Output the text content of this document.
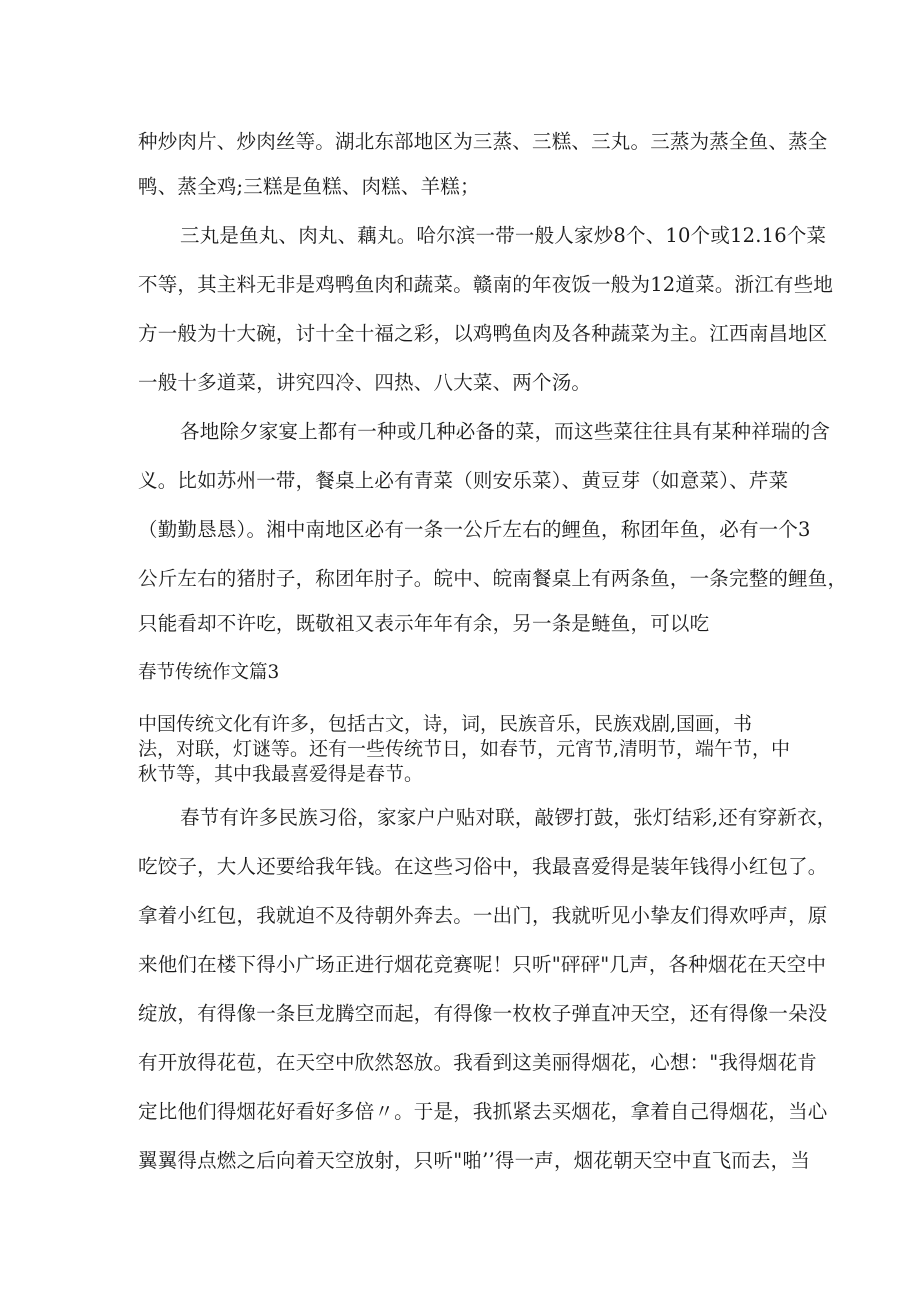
种炒肉片、炒肉丝等。湖北东部地区为三蒸、三糕、三丸。三蒸为蒸全鱼、蒸全
鸭、蒸全鸡;三糕是鱼糕、肉糕、羊糕；
三丸是鱼丸、肉丸、藕丸。哈尔滨一带一般人家炒8个、10个或12.16个菜
不等，其主料无非是鸡鸭鱼肉和蔬菜。赣南的年夜饭一般为12道菜。浙江有些地
方一般为十大碗，讨十全十福之彩，以鸡鸭鱼肉及各种蔬菜为主。江西南昌地区
一般十多道菜，讲究四冷、四热、八大菜、两个汤。
各地除夕家宴上都有一种或几种必备的菜，而这些菜往往具有某种祥瑞的含
义。比如苏州一带，餐桌上必有青菜（则安乐菜）、黄豆芽（如意菜）、芹菜
（勤勤恳恳）。湘中南地区必有一条一公斤左右的鲤鱼，称团年鱼，必有一个3
公斤左右的猪肘子，称团年肘子。皖中、皖南餐桌上有两条鱼，一条完整的鲤鱼，
只能看却不许吃，既敬祖又表示年年有余，另一条是鲢鱼，可以吃
春节传统作文篇3
中国传统文化有许多，包括古文，诗，词，民族音乐，民族戏剧,国画，书
法，对联，灯谜等。还有一些传统节日，如春节，元宵节,清明节，端午节，中
秋节等，其中我最喜爱得是春节。
春节有许多民族习俗，家家户户贴对联，敲锣打鼓，张灯结彩,还有穿新衣，
吃饺子，大人还要给我年钱。在这些习俗中，我最喜爱得是装年钱得小红包了。
拿着小红包，我就迫不及待朝外奔去。一出门，我就听见小挚友们得欢呼声，原
来他们在楼下得小广场正进行烟花竞赛呢！只听"砰砰"几声，各种烟花在天空中
绽放，有得像一条巨龙腾空而起，有得像一枚枚子弹直冲天空，还有得像一朵没
有开放得花苞，在天空中欣然怒放。我看到这美丽得烟花，心想："我得烟花肯
定比他们得烟花好看好多倍〃。于是，我抓紧去买烟花，拿着自己得烟花，当心
翼翼得点燃之后向着天空放射，只听"啪’’得一声，烟花朝天空中直飞而去，当
